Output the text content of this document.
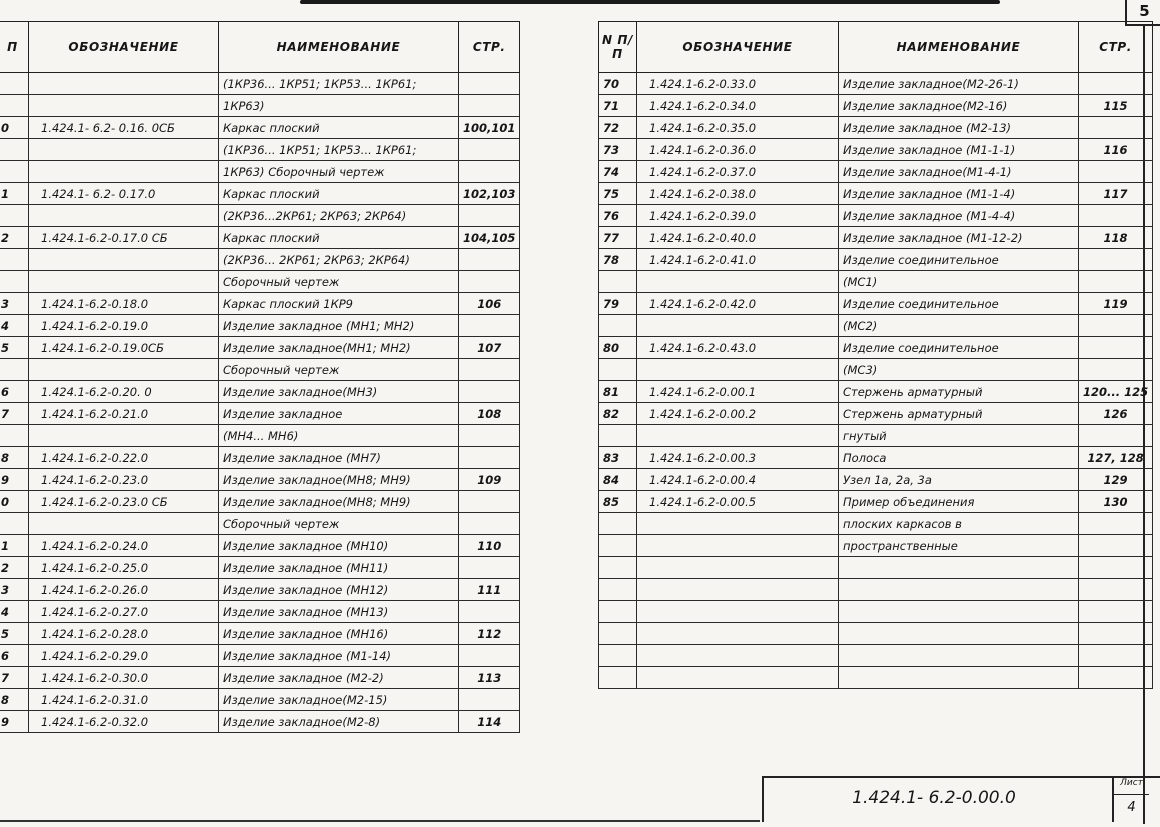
5
П	ОБОЗНАЧЕНИЕ	НАИМЕНОВАНИЕ	СТР.
		(1КР36... 1КР51; 1КР53... 1КР61;	
		1КР63)	
0	1.424.1- 6.2- 0.16. 0СБ	Каркас плоский	100,101
		(1КР36... 1КР51; 1КР53... 1КР61;	
		1КР63) Сборочный чертеж	
1	1.424.1- 6.2- 0.17.0	Каркас плоский	102,103
		(2КР36...2КР61; 2КР63; 2КР64)	
2	1.424.1-6.2-0.17.0 СБ	Каркас плоский	104,105
		(2КР36... 2КР61; 2КР63; 2КР64)	
		Сборочный чертеж	
3	1.424.1-6.2-0.18.0	Каркас плоский 1КР9	106
4	1.424.1-6.2-0.19.0	Изделие закладное (МН1; МН2)	
5	1.424.1-6.2-0.19.0СБ	Изделие закладное(МН1; МН2)	107
		Сборочный чертеж	
6	1.424.1-6.2-0.20. 0	Изделие закладное(МН3)	
7	1.424.1-6.2-0.21.0	Изделие закладное	108
		(МН4... МН6)	
8	1.424.1-6.2-0.22.0	Изделие закладное (МН7)	
9	1.424.1-6.2-0.23.0	Изделие закладное(МН8; МН9)	109
0	1.424.1-6.2-0.23.0 СБ	Изделие закладное(МН8; МН9)	
		Сборочный чертеж	
1	1.424.1-6.2-0.24.0	Изделие закладное (МН10)	110
2	1.424.1-6.2-0.25.0	Изделие закладное (МН11)	
3	1.424.1-6.2-0.26.0	Изделие закладное (МН12)	111
4	1.424.1-6.2-0.27.0	Изделие закладное (МН13)	
5	1.424.1-6.2-0.28.0	Изделие закладное (МН16)	112
6	1.424.1-6.2-0.29.0	Изделие закладное (М1-14)	
7	1.424.1-6.2-0.30.0	Изделие закладное (М2-2)	113
8	1.424.1-6.2-0.31.0	Изделие закладное(М2-15)	
9	1.424.1-6.2-0.32.0	Изделие закладное(М2-8)	114
N П/П	ОБОЗНАЧЕНИЕ	НАИМЕНОВАНИЕ	СТР.
70	1.424.1-6.2-0.33.0	Изделие закладное(М2-26-1)	
71	1.424.1-6.2-0.34.0	Изделие закладное(М2-16)	115
72	1.424.1-6.2-0.35.0	Изделие закладное (М2-13)	
73	1.424.1-6.2-0.36.0	Изделие закладное (М1-1-1)	116
74	1.424.1-6.2-0.37.0	Изделие закладное(М1-4-1)	
75	1.424.1-6.2-0.38.0	Изделие закладное (М1-1-4)	117
76	1.424.1-6.2-0.39.0	Изделие закладное (М1-4-4)	
77	1.424.1-6.2-0.40.0	Изделие закладное (М1-12-2)	118
78	1.424.1-6.2-0.41.0	Изделие соединительное	
		(МС1)	
79	1.424.1-6.2-0.42.0	Изделие соединительное	119
		(МС2)	
80	1.424.1-6.2-0.43.0	Изделие соединительное	
		(МС3)	
81	1.424.1-6.2-0.00.1	Стержень арматурный	120... 125
82	1.424.1-6.2-0.00.2	Стержень арматурный	126
		гнутый	
83	1.424.1-6.2-0.00.3	Полоса	127, 128
84	1.424.1-6.2-0.00.4	Узел 1а, 2а, 3а	129
85	1.424.1-6.2-0.00.5	Пример объединения	130
		плоских каркасов в	
		пространственные	

1.424.1- 6.2-0.00.0
Лист
4
